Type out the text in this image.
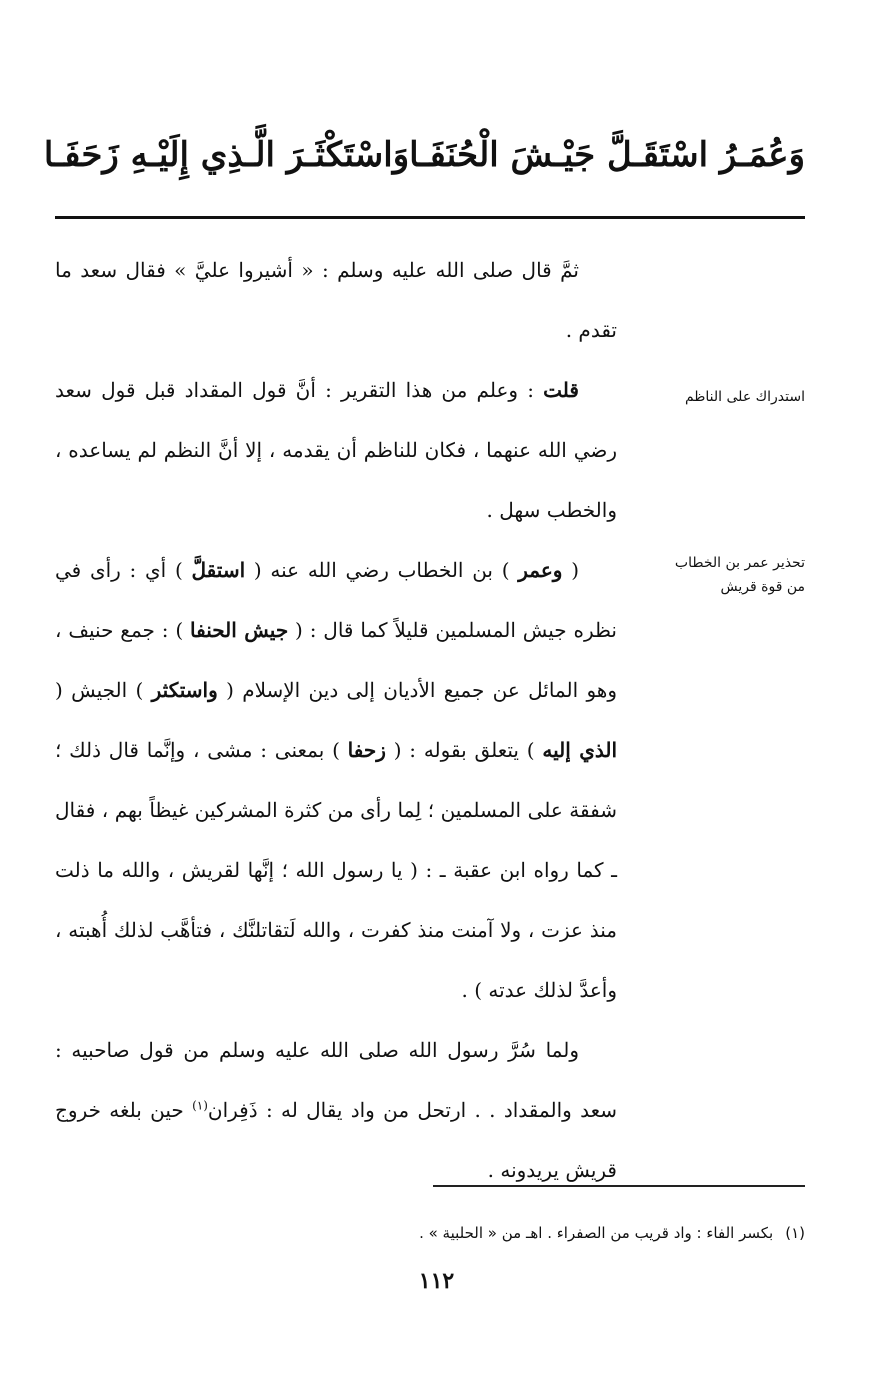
وَعُمَـرُ اسْتَقَـلَّ جَيْـشَ الْحُنَفَـا
وَاسْتَكْثَـرَ الَّـذِي إِلَيْـهِ زَحَفَـا
استدراك على الناظم
تحذير عمر بن الخطاب
من قوة قريش

ثمَّ قال صلى الله عليه وسلم : « أشيروا عليَّ » فقال سعد ما تقدم .

قلت : وعلم من هذا التقرير : أنَّ قول المقداد قبل قول سعد رضي الله عنهما ، فكان للناظم أن يقدمه ، إلا أنَّ النظم لم يساعده ، والخطب سهل .

( وعمر ) بن الخطاب رضي الله عنه ( استقلَّ ) أي : رأى في نظره جيش المسلمين قليلاً كما قال : ( جيش الحنفا ) : جمع حنيف ، وهو المائل عن جميع الأديان إلى دين الإسلام ( واستكثر ) الجيش ( الذي إليه ) يتعلق بقوله : ( زحفا ) بمعنى : مشى ، وإنَّما قال ذلك ؛ شفقة على المسلمين ؛ لِما رأى من كثرة المشركين غيظاً بهم ، فقال ـ كما رواه ابن عقبة ـ : ( يا رسول الله ؛ إنَّها لقريش ، والله ما ذلت منذ عزت ، ولا آمنت منذ كفرت ، والله لَتقاتلنَّك ، فتأهَّب لذلك أُهبته ، وأعدَّ لذلك عدته ) .

ولما سُرَّ رسول الله صلى الله عليه وسلم من قول صاحبيه : سعد والمقداد . . ارتحل من واد يقال له : ذَفِران$^{(١)}$ حين بلغه خروج قريش يريدونه .

(١)بكسر الفاء : واد قريب من الصفراء . اهـ من « الحلبية » .
١١٢
